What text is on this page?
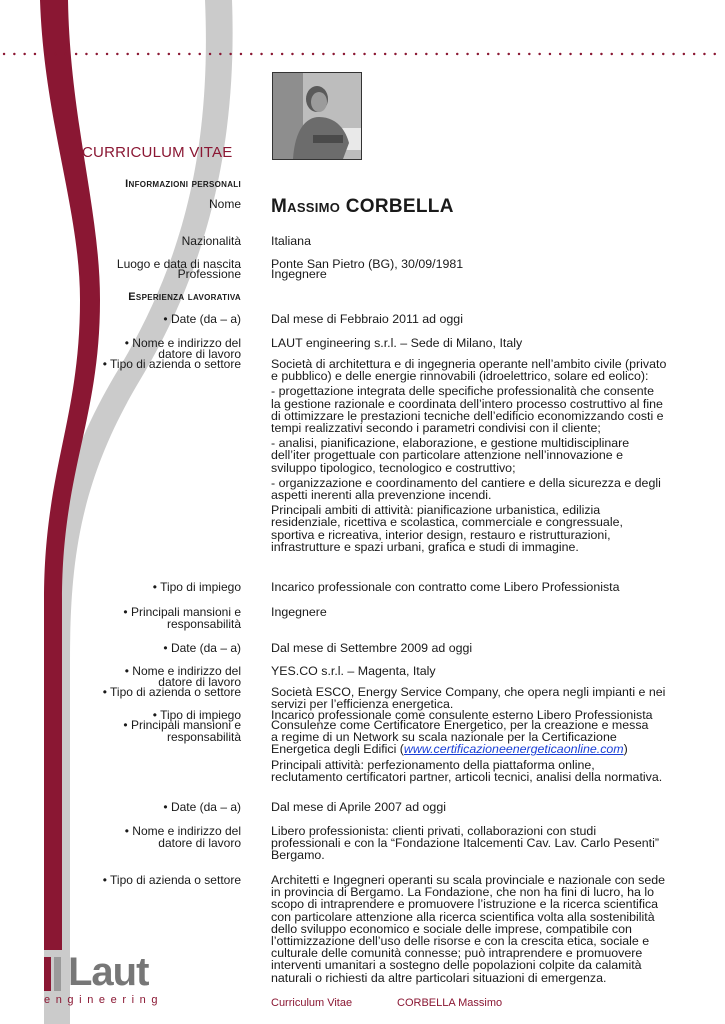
CURRICULUM VITAE
Informazioni personali
Nome Massimo CORBELLA
Nazionalità Italiana
Luogo e data di nascita Ponte San Pietro (BG), 30/09/1981
Professione Ingegnere
Esperienza lavorativa
• Date (da – a) Dal mese di Febbraio 2011 ad oggi
• Nome e indirizzo del
datore di lavoro
LAUT engineering s.r.l. – Sede di Milano, Italy
• Tipo di azienda o settore Società di architettura e di ingegneria operante nell’ambito civile (privato
e pubblico) e delle energie rinnovabili (idroelettrico, solare ed eolico):
- progettazione integrata delle specifiche professionalità che consente
la gestione razionale e coordinata dell’intero processo costruttivo al fine
di ottimizzare le prestazioni tecniche dell’edificio economizzando costi e
tempi realizzativi secondo i parametri condivisi con il cliente;
- analisi, pianificazione, elaborazione, e gestione multidisciplinare
dell’iter progettuale con particolare attenzione nell’innovazione e
sviluppo tipologico, tecnologico e costruttivo;
- organizzazione e coordinamento del cantiere e della sicurezza e degli
aspetti inerenti alla prevenzione incendi.
Principali ambiti di attività: pianificazione urbanistica, edilizia
residenziale, ricettiva e scolastica, commerciale e congressuale,
sportiva e ricreativa, interior design, restauro e ristrutturazioni,
infrastrutture e spazi urbani, grafica e studi di immagine.
• Tipo di impiego Incarico professionale con contratto come Libero Professionista
• Principali mansioni e
responsabilità
Ingegnere
• Date (da – a) Dal mese di Settembre 2009 ad oggi
• Nome e indirizzo del
datore di lavoro
YES.CO s.r.l. – Magenta, Italy
• Tipo di azienda o settore Società ESCO, Energy Service Company, che opera negli impianti e nei
servizi per l’efficienza energetica.
• Tipo di impiego Incarico professionale come consulente esterno Libero Professionista
• Principali mansioni e
responsabilità
Consulenze come Certificatore Energetico, per la creazione e messa
a regime di un Network su scala nazionale per la Certificazione
Energetica degli Edifici (www.certificazioneenergeticaonline.com)
Principali attività: perfezionamento della piattaforma online,
reclutamento certificatori partner, articoli tecnici, analisi della normativa.
• Date (da – a) Dal mese di Aprile 2007 ad oggi
• Nome e indirizzo del
datore di lavoro
Libero professionista: clienti privati, collaborazioni con studi
professionali e con la “Fondazione Italcementi Cav. Lav. Carlo Pesenti”
Bergamo.
• Tipo di azienda o settore Architetti e Ingegneri operanti su scala provinciale e nazionale con sede
in provincia di Bergamo. La Fondazione, che non ha fini di lucro, ha lo
scopo di intraprendere e promuovere l’istruzione e la ricerca scientifica
con particolare attenzione alla ricerca scientifica volta alla sostenibilità
dello sviluppo economico e sociale delle imprese, compatibile con
l’ottimizzazione dell’uso delle risorse e con la crescita etica, sociale e
culturale delle comunità connesse; può intraprendere e promuovere
interventi umanitari a sostegno delle popolazioni colpite da calamità
naturali o richiesti da altre particolari situazioni di emergenza.
Laut
engineering	Curriculum Vitae	CORBELLA Massimo
